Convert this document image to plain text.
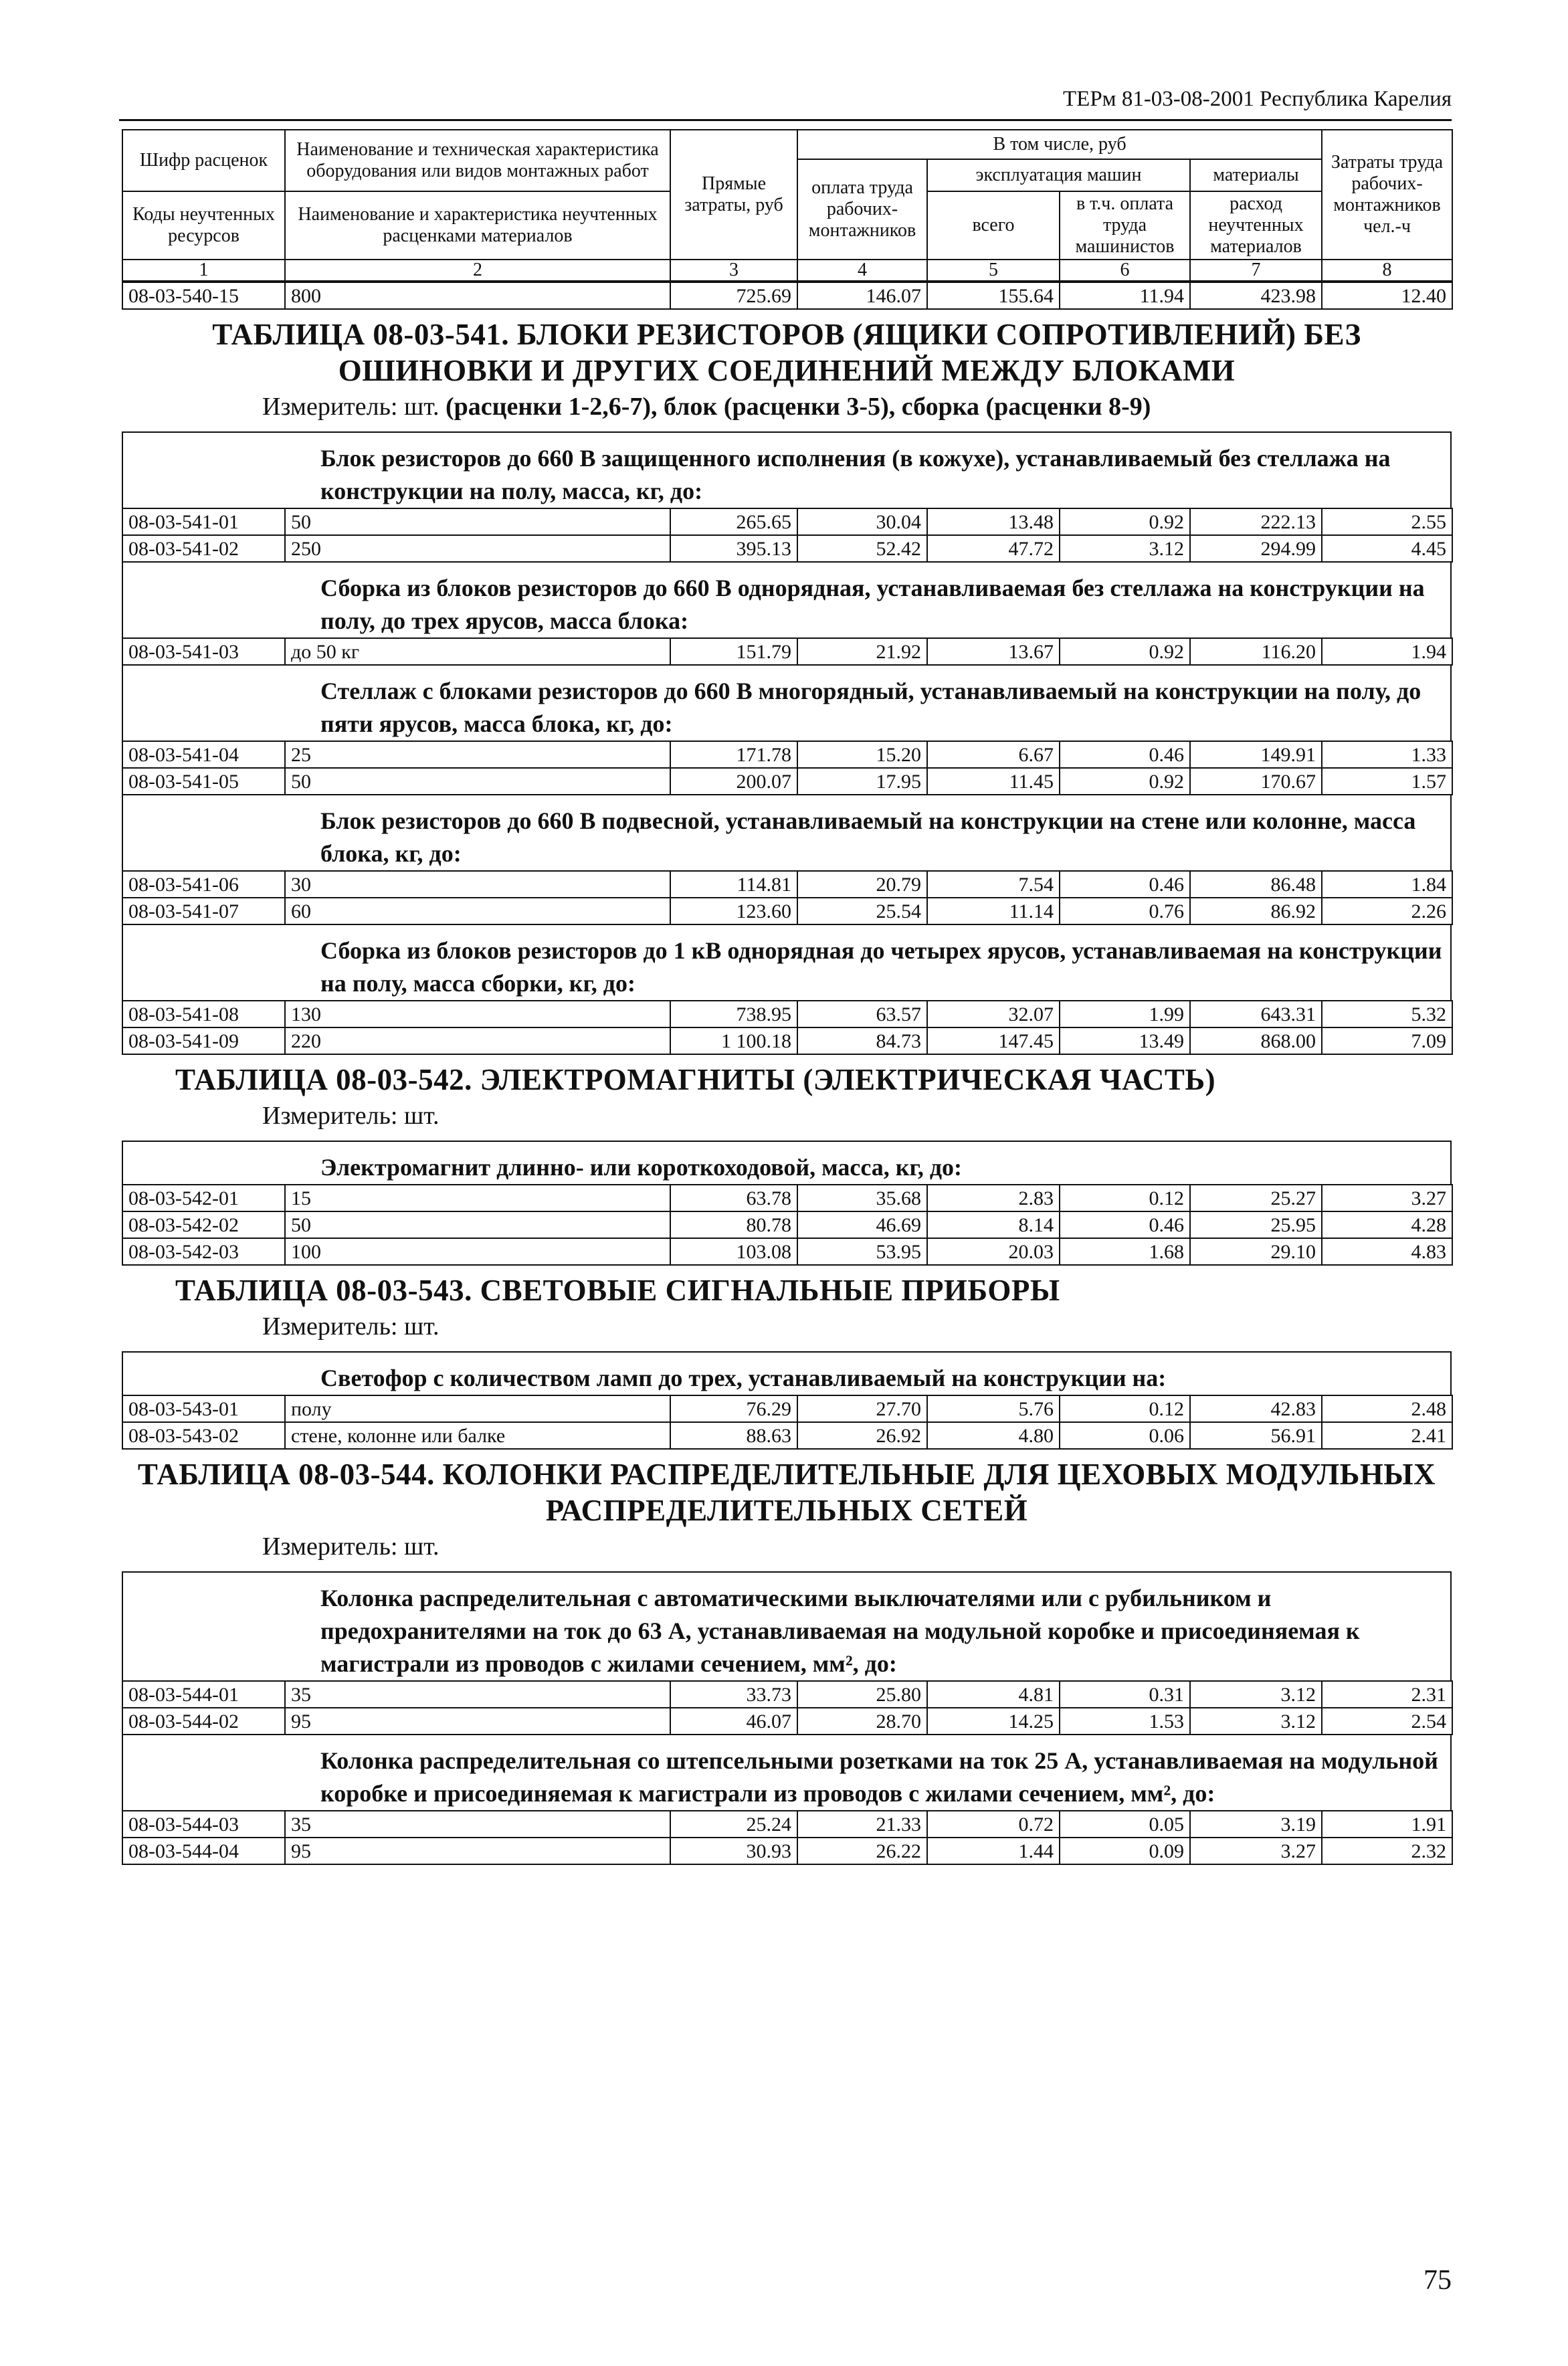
ТЕРм 81-03-08-2001 Республика Карелия
Шифр расценок	Наименование и техническая характеристика оборудования или видов монтажных работ	Прямые затраты, руб	В том числе, руб				Затраты труда рабочих-монтажников чел.-ч
			оплата труда рабочих-монтажников	эксплуатация машин		материалы	
Коды неучтенных ресурсов	Наименование и характеристика неучтенных расценками материалов			всего	в т.ч. оплата труда машинистов	расход неучтенных материалов	

1	2	3	4	5	6	7	8
08-03-540-15	800	725.69	146.07	155.64	11.94	423.98	12.40
ТАБЛИЦА 08-03-541. БЛОКИ РЕЗИСТОРОВ (ЯЩИКИ СОПРОТИВЛЕНИЙ) БЕЗ
ОШИНОВКИ И ДРУГИХ СОЕДИНЕНИЙ МЕЖДУ БЛОКАМИ
Измеритель: шт. (расценки 1-2,6-7), блок (расценки 3-5), сборка (расценки 8-9)
Блок резисторов до 660 В защищенного исполнения (в кожухе), устанавливаемый без стеллажа на конструкции на полу, масса, кг, до:
08-03-541-01	50	265.65	30.04	13.48	0.92	222.13	2.55
08-03-541-02	250	395.13	52.42	47.72	3.12	294.99	4.45
Сборка из блоков резисторов до 660 В однорядная, устанавливаемая без стеллажа на конструкции на полу, до трех ярусов, масса блока:
08-03-541-03	до 50 кг	151.79	21.92	13.67	0.92	116.20	1.94
Стеллаж с блоками резисторов до 660 В многорядный, устанавливаемый на конструкции на полу, до пяти ярусов, масса блока, кг, до:
08-03-541-04	25	171.78	15.20	6.67	0.46	149.91	1.33
08-03-541-05	50	200.07	17.95	11.45	0.92	170.67	1.57
Блок резисторов до 660 В подвесной, устанавливаемый на конструкции на стене или колонне, масса блока, кг, до:
08-03-541-06	30	114.81	20.79	7.54	0.46	86.48	1.84
08-03-541-07	60	123.60	25.54	11.14	0.76	86.92	2.26
Сборка из блоков резисторов до 1 кВ однорядная до четырех ярусов, устанавливаемая на конструкции на полу, масса сборки, кг, до:
08-03-541-08	130	738.95	63.57	32.07	1.99	643.31	5.32
08-03-541-09	220	1 100.18	84.73	147.45	13.49	868.00	7.09
ТАБЛИЦА 08-03-542. ЭЛЕКТРОМАГНИТЫ (ЭЛЕКТРИЧЕСКАЯ ЧАСТЬ)
Измеритель: шт.
Электромагнит длинно- или короткоходовой, масса, кг, до:
08-03-542-01	15	63.78	35.68	2.83	0.12	25.27	3.27
08-03-542-02	50	80.78	46.69	8.14	0.46	25.95	4.28
08-03-542-03	100	103.08	53.95	20.03	1.68	29.10	4.83
ТАБЛИЦА 08-03-543. СВЕТОВЫЕ СИГНАЛЬНЫЕ ПРИБОРЫ
Измеритель: шт.
Светофор с количеством ламп до трех, устанавливаемый на конструкции на:
08-03-543-01	полу	76.29	27.70	5.76	0.12	42.83	2.48
08-03-543-02	стене, колонне или балке	88.63	26.92	4.80	0.06	56.91	2.41
ТАБЛИЦА 08-03-544. КОЛОНКИ РАСПРЕДЕЛИТЕЛЬНЫЕ ДЛЯ ЦЕХОВЫХ МОДУЛЬНЫХ
РАСПРЕДЕЛИТЕЛЬНЫХ СЕТЕЙ
Измеритель: шт.
Колонка распределительная с автоматическими выключателями или с рубильником и предохранителями на ток до 63 А, устанавливаемая на модульной коробке и присоединяемая к магистрали из проводов с жилами сечением, мм², до:
08-03-544-01	35	33.73	25.80	4.81	0.31	3.12	2.31
08-03-544-02	95	46.07	28.70	14.25	1.53	3.12	2.54
Колонка распределительная со штепсельными розетками на ток 25 А, устанавливаемая на модульной коробке и присоединяемая к магистрали из проводов с жилами сечением, мм², до:
08-03-544-03	35	25.24	21.33	0.72	0.05	3.19	1.91
08-03-544-04	95	30.93	26.22	1.44	0.09	3.27	2.32
75
